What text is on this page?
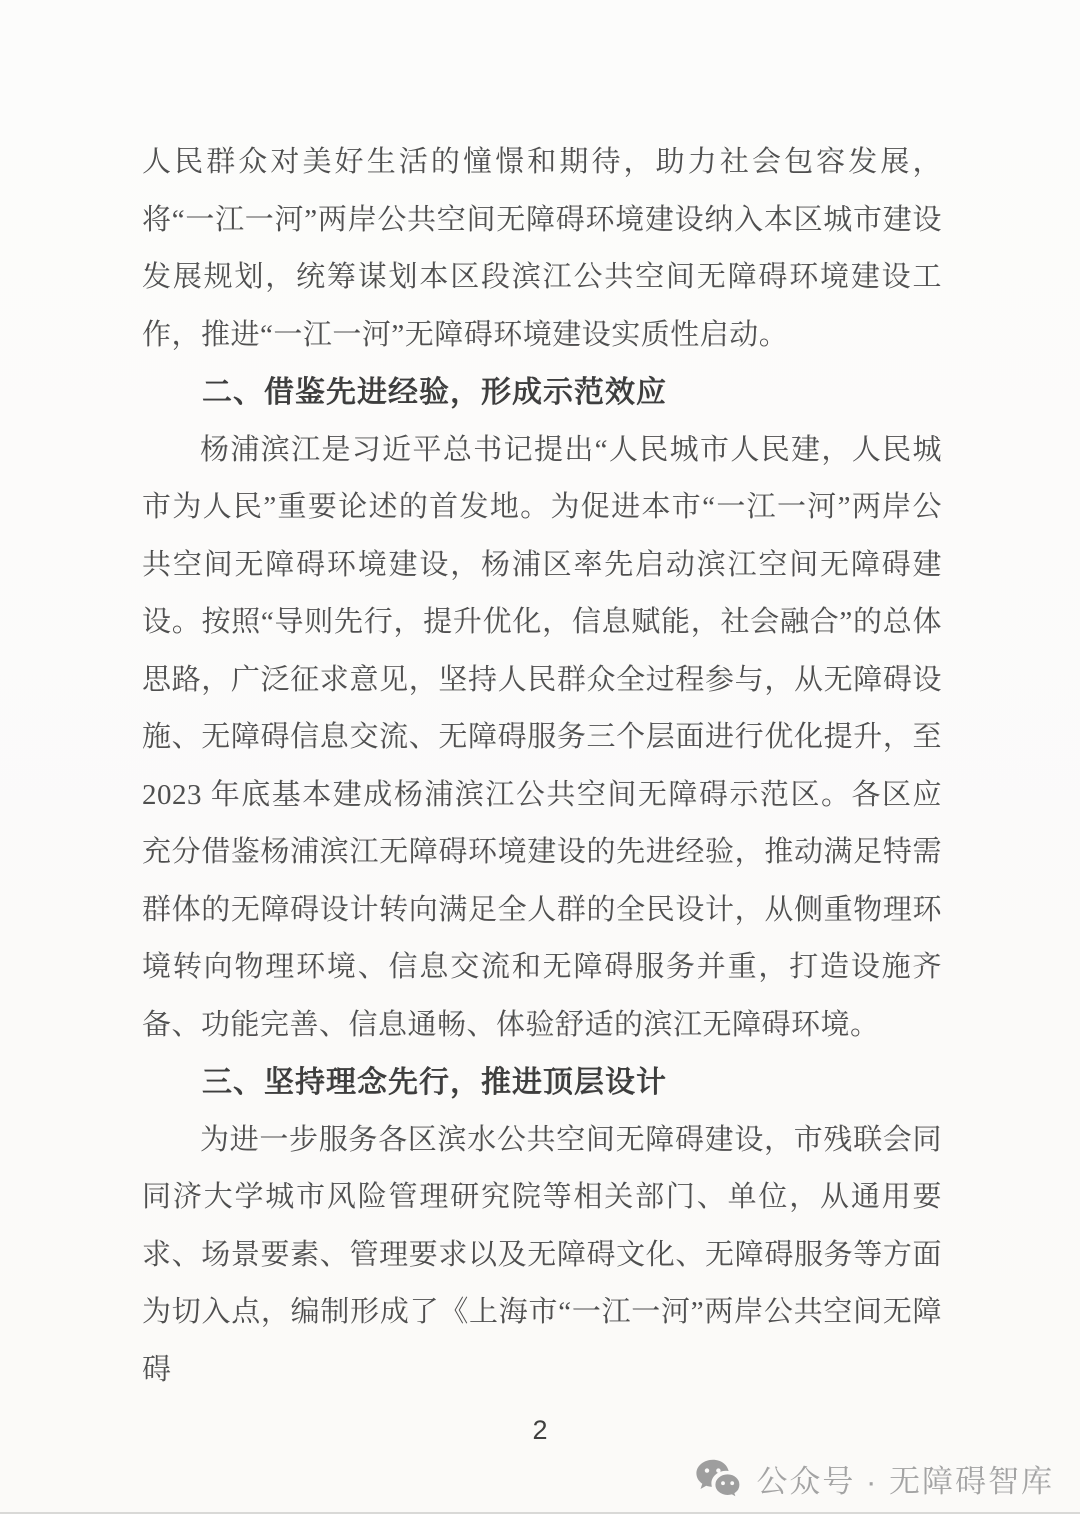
人民群众对美好生活的憧憬和期待，助力社会包容发展，将“一江一河”两岸公共空间无障碍环境建设纳入本区城市建设发展规划，统筹谋划本区段滨江公共空间无障碍环境建设工作，推进“一江一河”无障碍环境建设实质性启动。

二、借鉴先进经验，形成示范效应

杨浦滨江是习近平总书记提出“人民城市人民建，人民城市为人民”重要论述的首发地。为促进本市“一江一河”两岸公共空间无障碍环境建设，杨浦区率先启动滨江空间无障碍建设。按照“导则先行，提升优化，信息赋能，社会融合”的总体思路，广泛征求意见，坚持人民群众全过程参与，从无障碍设施、无障碍信息交流、无障碍服务三个层面进行优化提升，至 2023 年底基本建成杨浦滨江公共空间无障碍示范区。各区应充分借鉴杨浦滨江无障碍环境建设的先进经验，推动满足特需群体的无障碍设计转向满足全人群的全民设计，从侧重物理环境转向物理环境、信息交流和无障碍服务并重，打造设施齐备、功能完善、信息通畅、体验舒适的滨江无障碍环境。

三、坚持理念先行，推进顶层设计

为进一步服务各区滨水公共空间无障碍建设，市残联会同同济大学城市风险管理研究院等相关部门、单位，从通用要求、场景要素、管理要求以及无障碍文化、无障碍服务等方面为切入点，编制形成了《上海市“一江一河”两岸公共空间无障碍

2
公众号 · 无障碍智库
